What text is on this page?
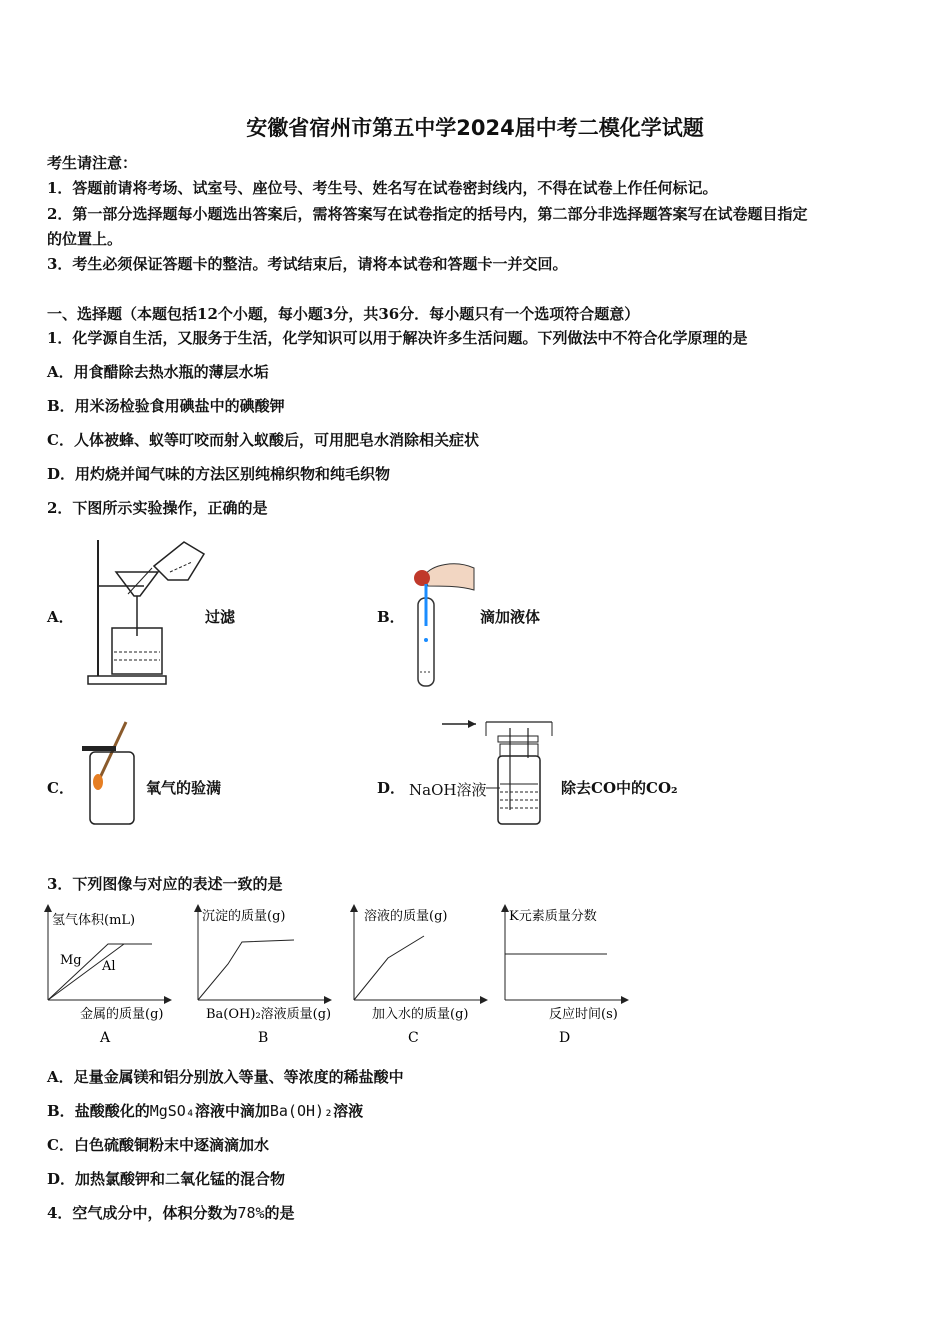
安徽省宿州市第五中学2024届中考二模化学试题
考生请注意：
1．答题前请将考场、试室号、座位号、考生号、姓名写在试卷密封线内，不得在试卷上作任何标记。
2．第一部分选择题每小题选出答案后，需将答案写在试卷指定的括号内，第二部分非选择题答案写在试卷题目指定
的位置上。
3．考生必须保证答题卡的整洁。考试结束后，请将本试卷和答题卡一并交回。
一、选择题（本题包括12个小题，每小题3分，共36分．每小题只有一个选项符合题意）
1．化学源自生活，又服务于生活，化学知识可以用于解决许多生活问题。下列做法中不符合化学原理的是
A．用食醋除去热水瓶的薄层水垢
B．用米汤检验食用碘盐中的碘酸钾
C．人体被蜂、蚁等叮咬而射入蚁酸后，可用肥皂水消除相关症状
D．用灼烧并闻气味的方法区别纯棉织物和纯毛织物
2．下图所示实验操作，正确的是
A．	过滤	B．	滴加液体
C．	氧气的验满	D． NaOH溶液	除去CO中的CO₂
3．下列图像与对应的表述一致的是
氢气体积(mL)
Mg Al
金属的质量(g)
A
沉淀的质量(g)
Ba(OH)₂溶液质量(g)
B
溶液的质量(g)
加入水的质量(g)
C
K元素质量分数
反应时间(s)
D
A．足量金属镁和铝分别放入等量、等浓度的稀盐酸中
B．盐酸酸化的MgSO₄溶液中滴加Ba(OH)₂溶液
C．白色硫酸铜粉末中逐滴滴加水
D．加热氯酸钾和二氧化锰的混合物
4．空气成分中，体积分数为78%的是
